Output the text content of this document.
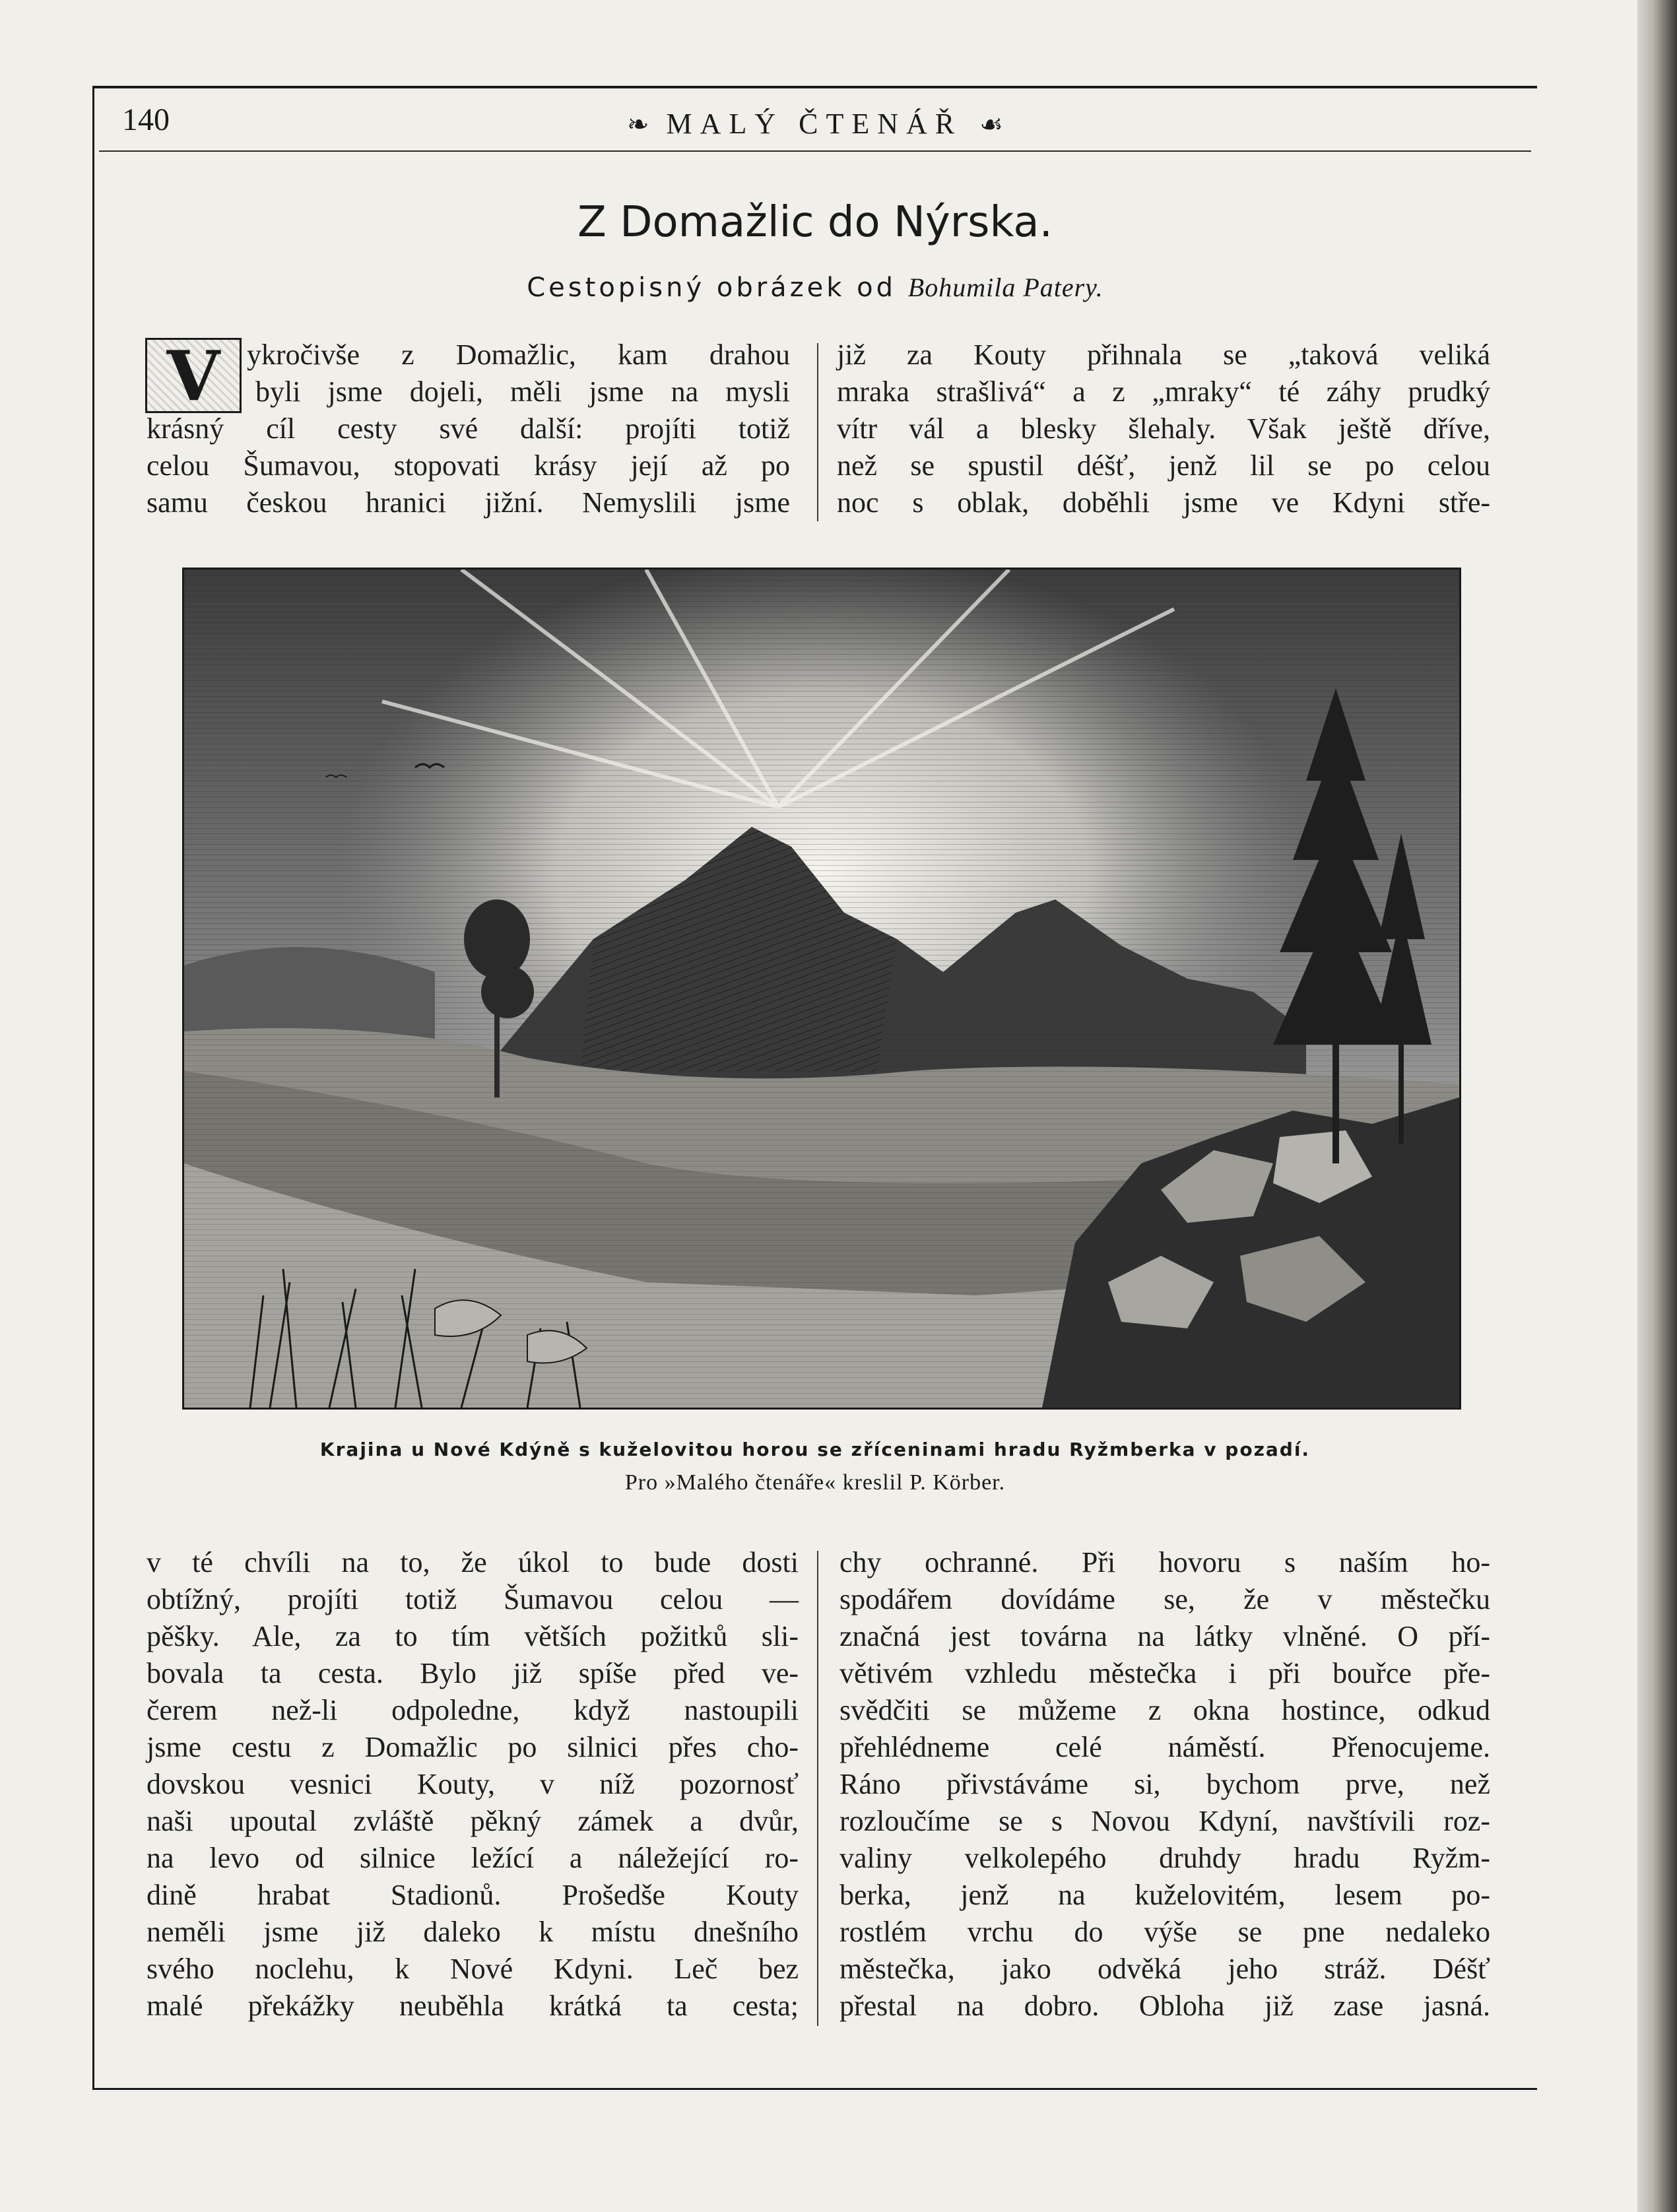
140	❧ MALÝ ČTENÁŘ ☙
Z Domažlic do Nýrska.
Cestopisný obrázek od Bohumila Patery.
V ykročivše z Domažlic, kam drahou
byli jsme dojeli, měli jsme na mysli
krásný cíl cesty své další: projíti totiž
celou Šumavou, stopovati krásy její až po
samu českou hranici jižní. Nemyslili jsme
již za Kouty přihnala se „taková veliká
mraka strašlivá“ a z „mraky“ té záhy prudký
vítr vál a blesky šlehaly. Však ještě dříve,
než se spustil déšť, jenž lil se po celou
noc s oblak, doběhli jsme ve Kdyni stře-
Krajina u Nové Kdýně s kuželovitou horou se zříceninami hradu Ryžmberka v pozadí.
Pro »Malého čtenáře« kreslil P. Körber.
v té chvíli na to, že úkol to bude dosti
obtížný, projíti totiž Šumavou celou —
pěšky. Ale, za to tím větších požitků sli-
bovala ta cesta. Bylo již spíše před ve-
čerem než-li odpoledne, když nastoupili
jsme cestu z Domažlic po silnici přes cho-
dovskou vesnici Kouty, v níž pozornosť
naši upoutal zvláště pěkný zámek a dvůr,
na levo od silnice ležící a náležející ro-
dině hrabat Stadionů. Prošedše Kouty
neměli jsme již daleko k místu dnešního
svého noclehu, k Nové Kdyni. Leč bez
malé překážky neuběhla krátká ta cesta;
chy ochranné. Při hovoru s naším ho-
spodářem dovídáme se, že v městečku
značná jest továrna na látky vlněné. O pří-
větivém vzhledu městečka i při bouřce pře-
svědčiti se můžeme z okna hostince, odkud
přehlédneme celé náměstí. Přenocujeme.
Ráno přivstáváme si, bychom prve, než
rozloučíme se s Novou Kdyní, navštívili roz-
valiny velkolepého druhdy hradu Ryžm-
berka, jenž na kuželovitém, lesem po-
rostlém vrchu do výše se pne nedaleko
městečka, jako odvěká jeho stráž. Déšť
přestal na dobro. Obloha již zase jasná.
